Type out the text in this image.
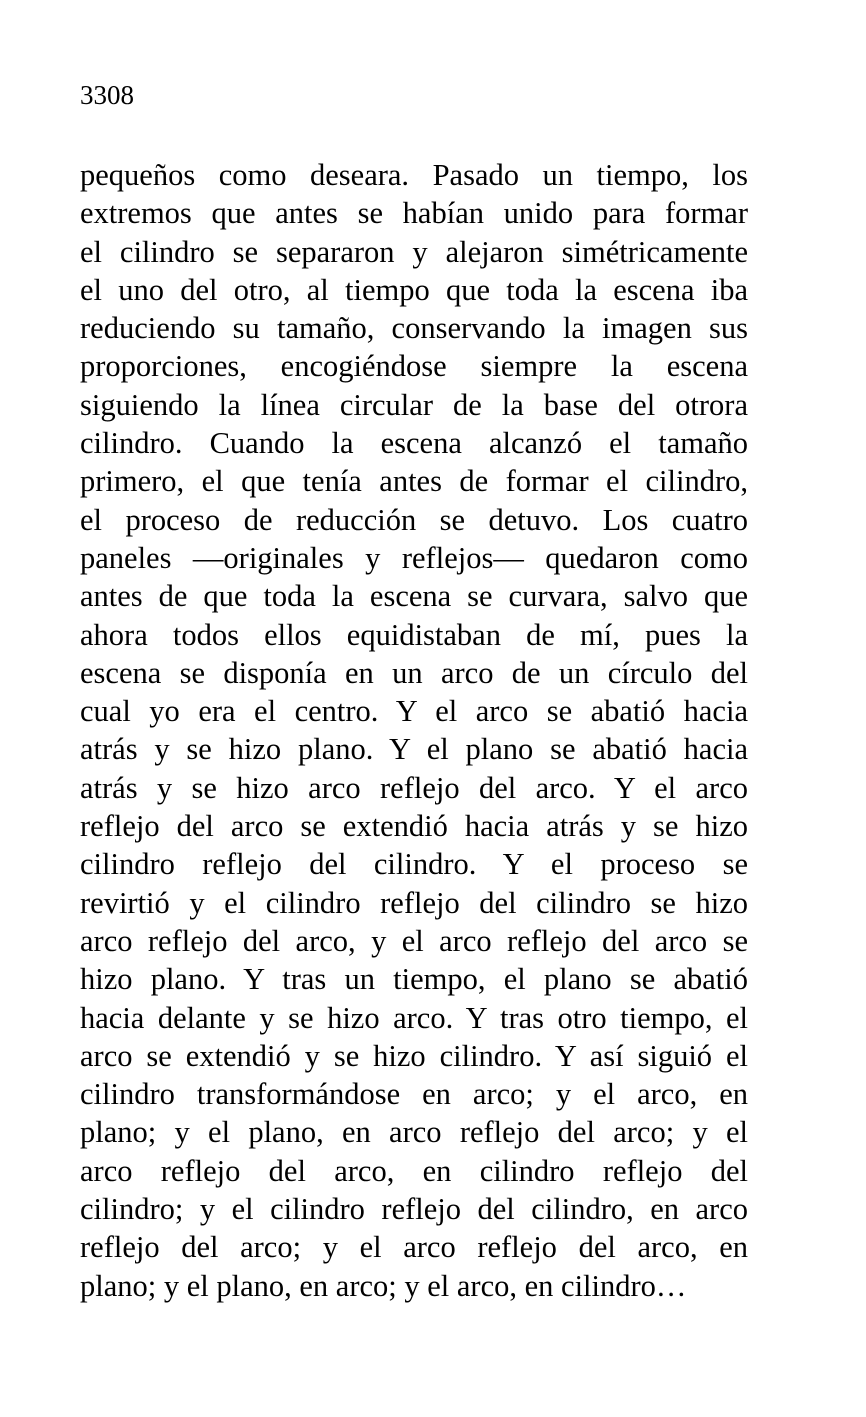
3308
pequeños como deseara. Pasado un tiempo, los
extremos que antes se habían unido para formar
el cilindro se separaron y alejaron simétricamente
el uno del otro, al tiempo que toda la escena iba
reduciendo su tamaño, conservando la imagen sus
proporciones, encogiéndose siempre la escena
siguiendo la línea circular de la base del otrora
cilindro. Cuando la escena alcanzó el tamaño
primero, el que tenía antes de formar el cilindro,
el proceso de reducción se detuvo. Los cuatro
paneles —originales y reflejos— quedaron como
antes de que toda la escena se curvara, salvo que
ahora todos ellos equidistaban de mí, pues la
escena se disponía en un arco de un círculo del
cual yo era el centro. Y el arco se abatió hacia
atrás y se hizo plano. Y el plano se abatió hacia
atrás y se hizo arco reflejo del arco. Y el arco
reflejo del arco se extendió hacia atrás y se hizo
cilindro reflejo del cilindro. Y el proceso se
revirtió y el cilindro reflejo del cilindro se hizo
arco reflejo del arco, y el arco reflejo del arco se
hizo plano. Y tras un tiempo, el plano se abatió
hacia delante y se hizo arco. Y tras otro tiempo, el
arco se extendió y se hizo cilindro. Y así siguió el
cilindro transformándose en arco; y el arco, en
plano; y el plano, en arco reflejo del arco; y el
arco reflejo del arco, en cilindro reflejo del
cilindro; y el cilindro reflejo del cilindro, en arco
reflejo del arco; y el arco reflejo del arco, en
plano; y el plano, en arco; y el arco, en cilindro…
